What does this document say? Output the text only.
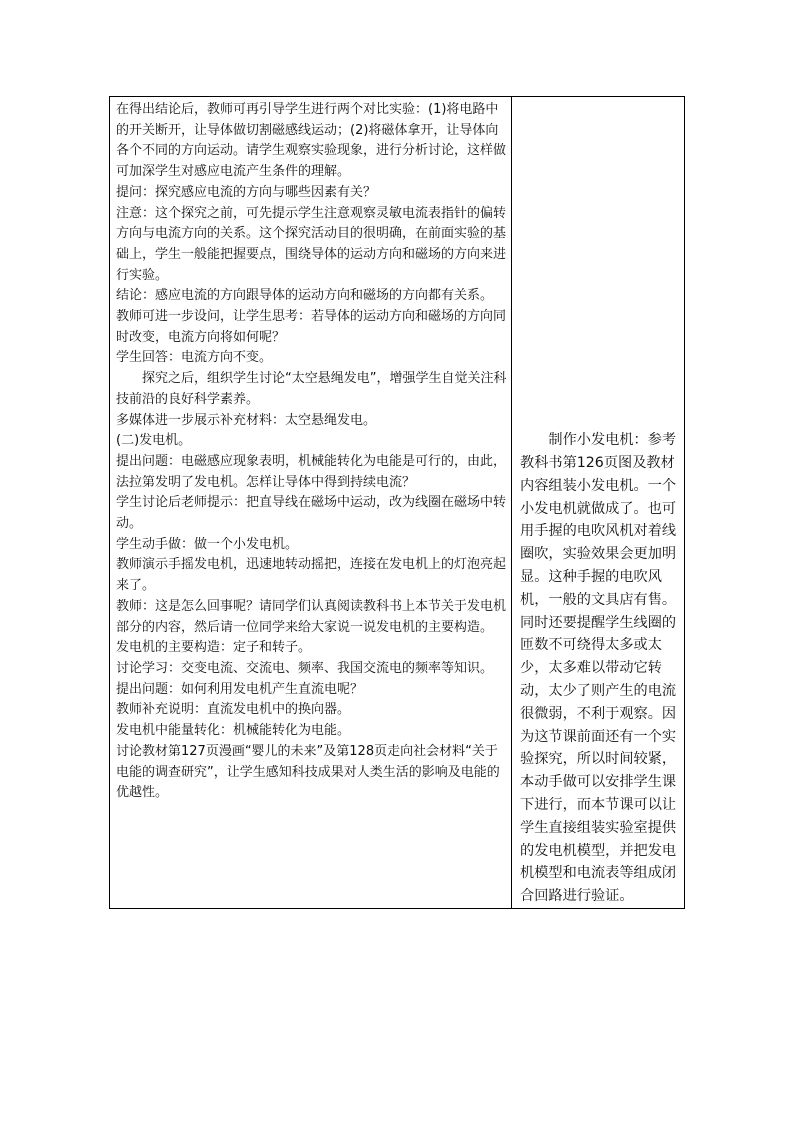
在得出结论后，教师可再引导学生进行两个对比实验：(1)将电路中的开关断开，让导体做切割磁感线运动；(2)将磁体拿开，让导体向各个不同的方向运动。请学生观察实验现象，进行分析讨论，这样做可加深学生对感应电流产生条件的理解。

提问：探究感应电流的方向与哪些因素有关？

注意：这个探究之前，可先提示学生注意观察灵敏电流表指针的偏转方向与电流方向的关系。这个探究活动目的很明确，在前面实验的基础上，学生一般能把握要点，围绕导体的运动方向和磁场的方向来进行实验。

结论：感应电流的方向跟导体的运动方向和磁场的方向都有关系。

教师可进一步设问，让学生思考：若导体的运动方向和磁场的方向同时改变，电流方向将如何呢？

学生回答：电流方向不变。

探究之后，组织学生讨论“太空悬绳发电”，增强学生自觉关注科技前沿的良好科学素养。

多媒体进一步展示补充材料：太空悬绳发电。

(二)发电机。

提出问题：电磁感应现象表明，机械能转化为电能是可行的，由此，法拉第发明了发电机。怎样让导体中得到持续电流？

学生讨论后老师提示：把直导线在磁场中运动，改为线圈在磁场中转动。

学生动手做：做一个小发电机。

教师演示手摇发电机，迅速地转动摇把，连接在发电机上的灯泡亮起来了。

教师：这是怎么回事呢？请同学们认真阅读教科书上本节关于发电机部分的内容，然后请一位同学来给大家说一说发电机的主要构造。

发电机的主要构造：定子和转子。

讨论学习：交变电流、交流电、频率、我国交流电的频率等知识。

提出问题：如何利用发电机产生直流电呢？

教师补充说明：直流发电机中的换向器。

发电机中能量转化：机械能转化为电能。

讨论教材第127页漫画“婴儿的未来”及第128页走向社会材料“关于电能的调查研究”，让学生感知科技成果对人类生活的影响及电能的优越性。

制作小发电机：参考教科书第126页图及教材内容组装小发电机。一个小发电机就做成了。也可用手握的电吹风机对着线圈吹，实验效果会更加明显。这种手握的电吹风机，一般的文具店有售。同时还要提醒学生线圈的匝数不可绕得太多或太少，太多难以带动它转动，太少了则产生的电流很微弱，不利于观察。因为这节课前面还有一个实验探究，所以时间较紧，本动手做可以安排学生课下进行，而本节课可以让学生直接组装实验室提供的发电机模型，并把发电机模型和电流表等组成闭合回路进行验证。
